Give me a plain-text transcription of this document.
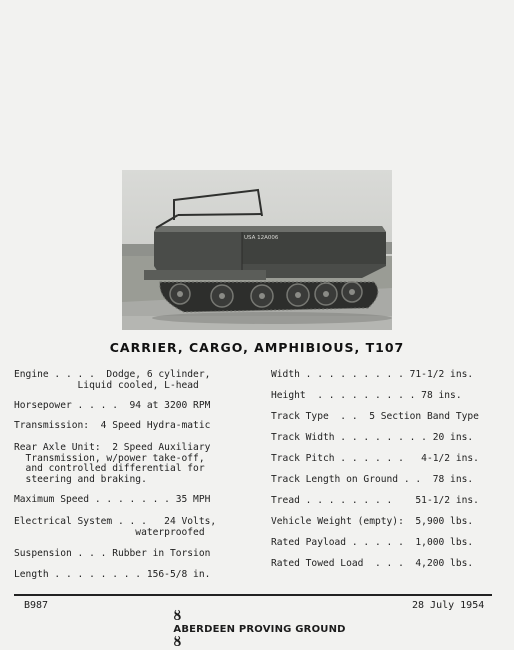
USA 12A006
CARRIER, CARGO, AMPHIBIOUS, T107
Engine . . . .  Dodge, 6 cylinder,
Liquid cooled, L-head
Horsepower . . . .  94 at 3200 RPM
Transmission:  4 Speed Hydra-matic
Rear Axle Unit:  2 Speed Auxiliary
Transmission, w/power take-off,
and controlled differential for
steering and braking.
Maximum Speed . . . . . . . 35 MPH
Electrical System . . .   24 Volts,
waterproofed
Suspension . . . Rubber in Torsion
Length . . . . . . . . 156-5/8 in.
Width . . . . . . . . . 71-1/2 ins.
Height  . . . . . . . . . 78 ins.
Track Type  . .  5 Section Band Type
Track Width . . . . . . . . 20 ins.
Track Pitch . . . . . .   4-1/2 ins.
Track Length on Ground . .  78 ins.
Tread . . . . . . . .    51-1/2 ins.
Vehicle Weight (empty):  5,900 lbs.
Rated Payload . . . . .  1,000 lbs.
Rated Towed Load  . . .  4,200 lbs.
B987

ȣ
ABERDEEN PROVING GROUND
ȣ

28 July 1954
